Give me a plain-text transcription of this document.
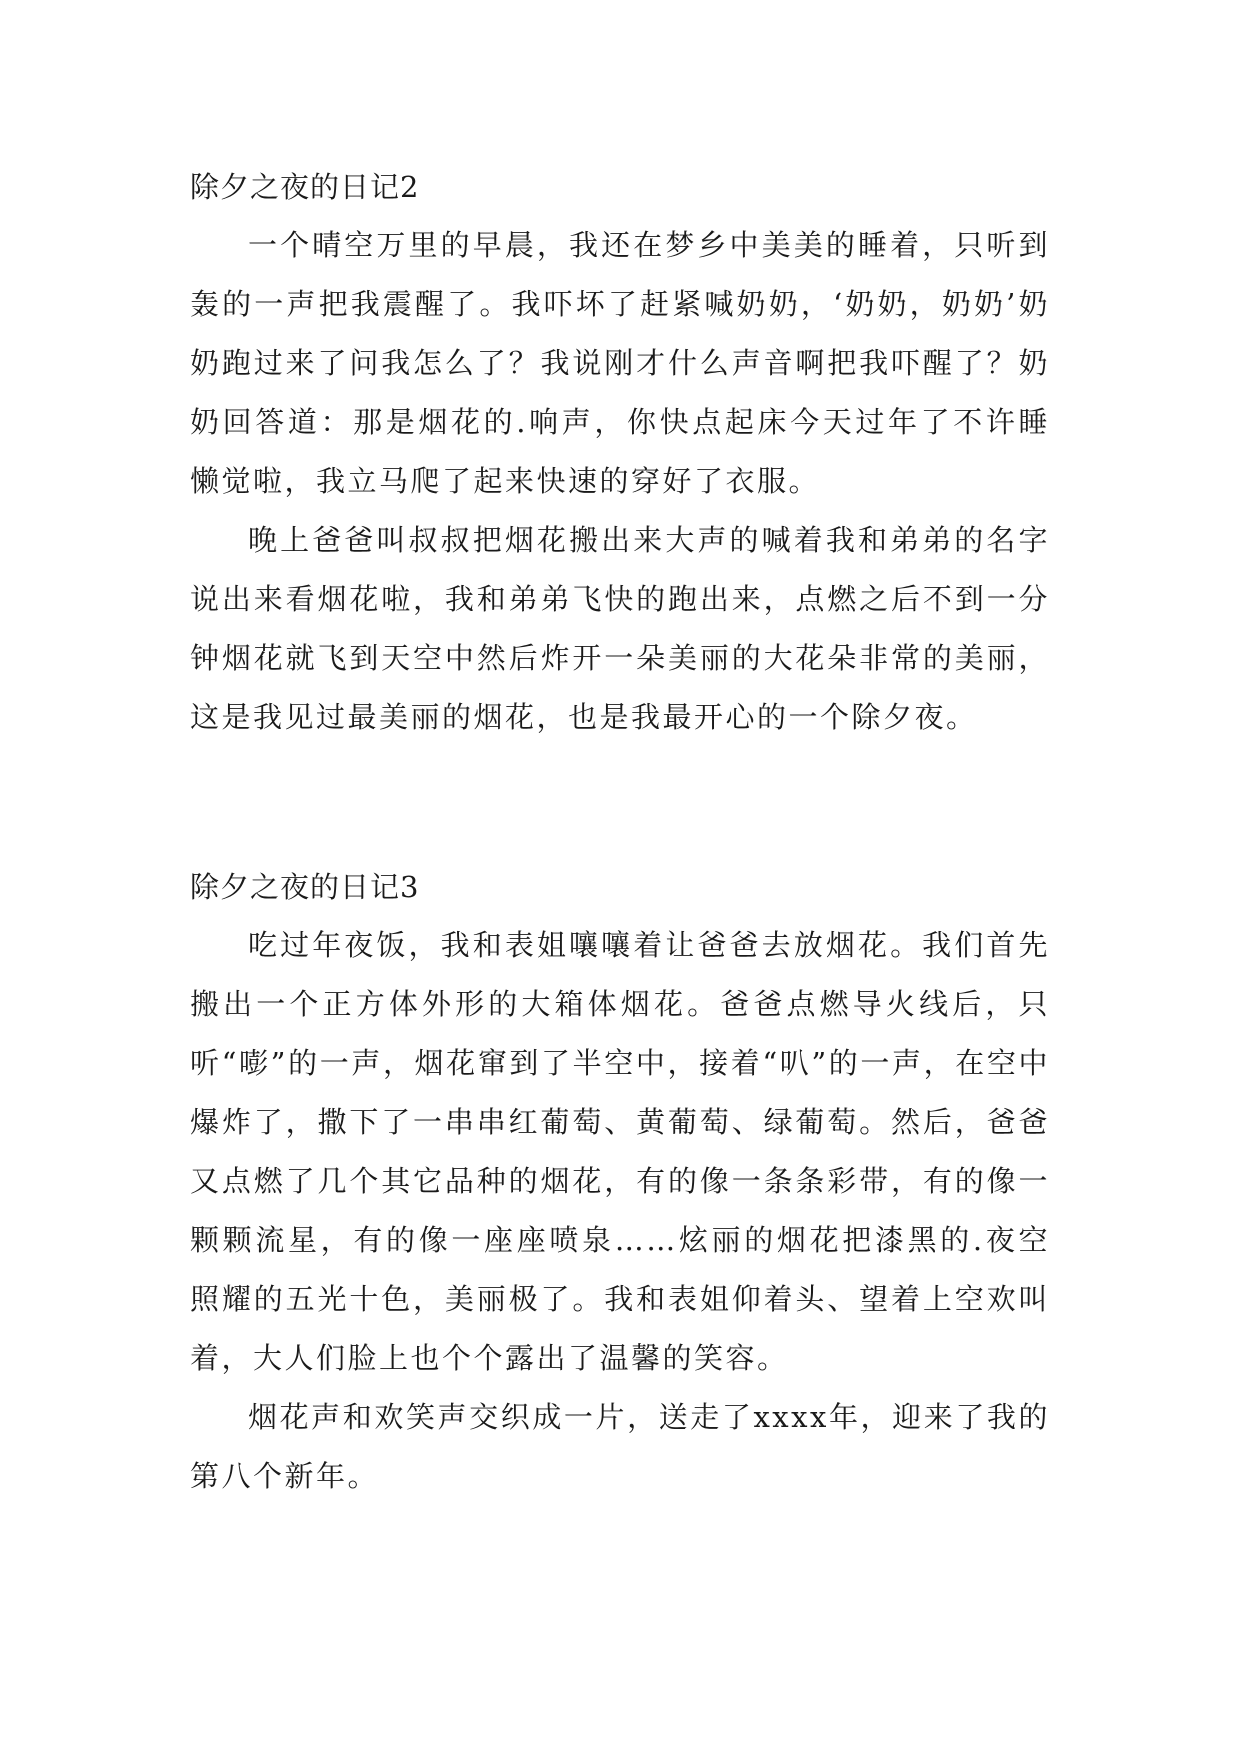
除夕之夜的日记2

一个晴空万里的早晨，我还在梦乡中美美的睡着，只听到轰的一声把我震醒了。我吓坏了赶紧喊奶奶，‘奶奶，奶奶’奶奶跑过来了问我怎么了？我说刚才什么声音啊把我吓醒了？奶奶回答道：那是烟花的.响声，你快点起床今天过年了不许睡懒觉啦，我立马爬了起来快速的穿好了衣服。

晚上爸爸叫叔叔把烟花搬出来大声的喊着我和弟弟的名字说出来看烟花啦，我和弟弟飞快的跑出来，点燃之后不到一分钟烟花就飞到天空中然后炸开一朵美丽的大花朵非常的美丽，这是我见过最美丽的烟花，也是我最开心的一个除夕夜。

除夕之夜的日记3

吃过年夜饭，我和表姐嚷嚷着让爸爸去放烟花。我们首先搬出一个正方体外形的大箱体烟花。爸爸点燃导火线后，只听“嘭”的一声，烟花窜到了半空中，接着“叭”的一声，在空中爆炸了，撒下了一串串红葡萄、黄葡萄、绿葡萄。然后，爸爸又点燃了几个其它品种的烟花，有的像一条条彩带，有的像一颗颗流星，有的像一座座喷泉……炫丽的烟花把漆黑的.夜空照耀的五光十色，美丽极了。我和表姐仰着头、望着上空欢叫着，大人们脸上也个个露出了温馨的笑容。

烟花声和欢笑声交织成一片，送走了xxxx年，迎来了我的第八个新年。
